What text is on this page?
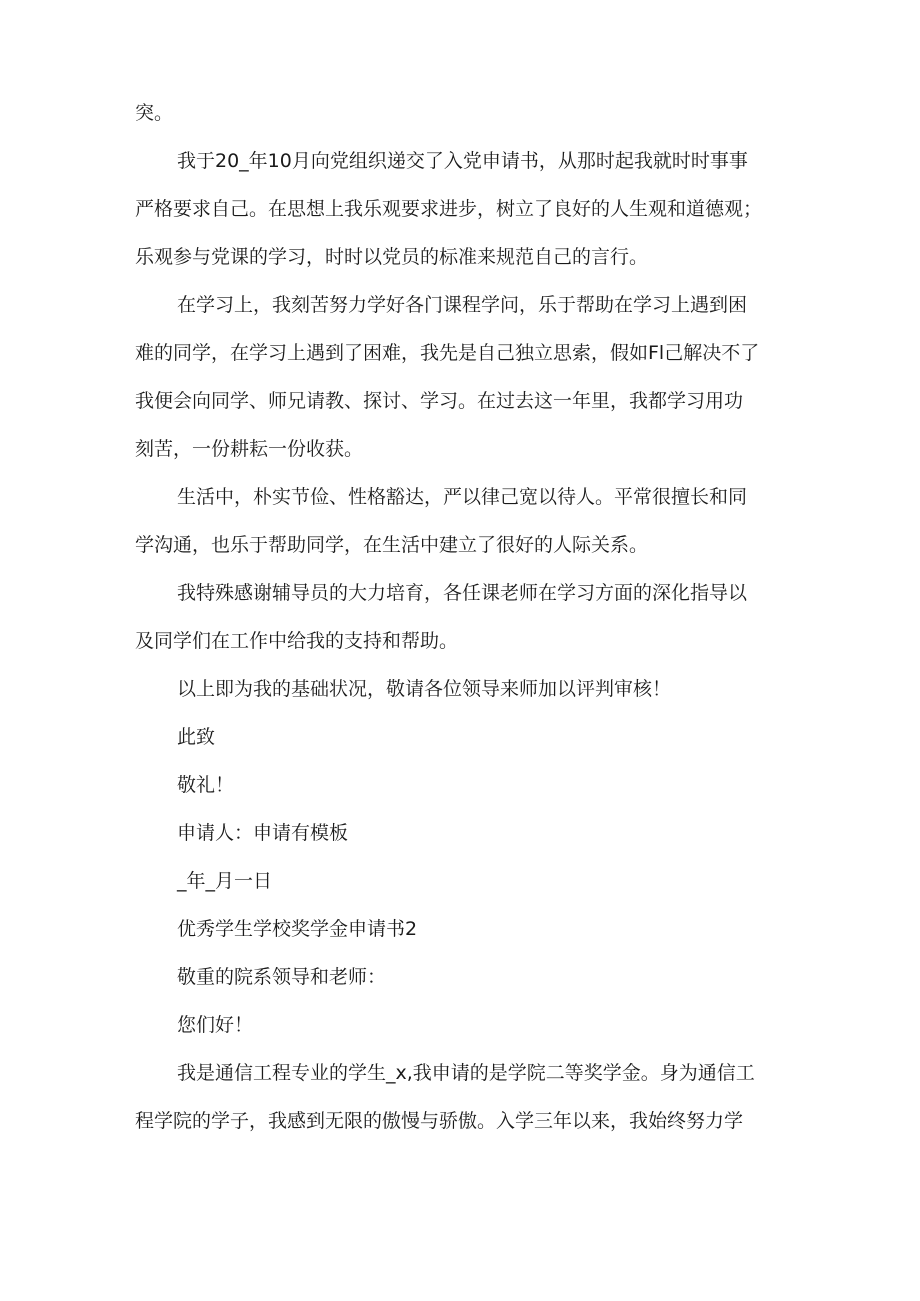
突。
我于20_年10月向党组织递交了入党申请书，从那时起我就时时事事
严格要求自己。在思想上我乐观要求进步，树立了良好的人生观和道德观；
乐观参与党课的学习，时时以党员的标准来规范自己的言行。
在学习上，我刻苦努力学好各门课程学问，乐于帮助在学习上遇到困
难的同学，在学习上遇到了困难，我先是自己独立思索，假如Fl己解决不了
我便会向同学、师兄请教、探讨、学习。在过去这一年里，我都学习用功
刻苦，一份耕耘一份收获。
生活中，朴实节俭、性格豁达，严以律己宽以待人。平常很擅长和同
学沟通，也乐于帮助同学，在生活中建立了很好的人际关系。
我特殊感谢辅导员的大力培育，各任课老师在学习方面的深化指导以
及同学们在工作中给我的支持和帮助。
以上即为我的基础状况，敬请各位领导来师加以评判审核！
此致
敬礼！
申请人：申请有模板
_年_月一日
优秀学生学校奖学金申请书2
敬重的院系领导和老师：
您们好！
我是通信工程专业的学生_x,我申请的是学院二等奖学金。身为通信工
程学院的学子，我感到无限的傲慢与骄傲。入学三年以来，我始终努力学
